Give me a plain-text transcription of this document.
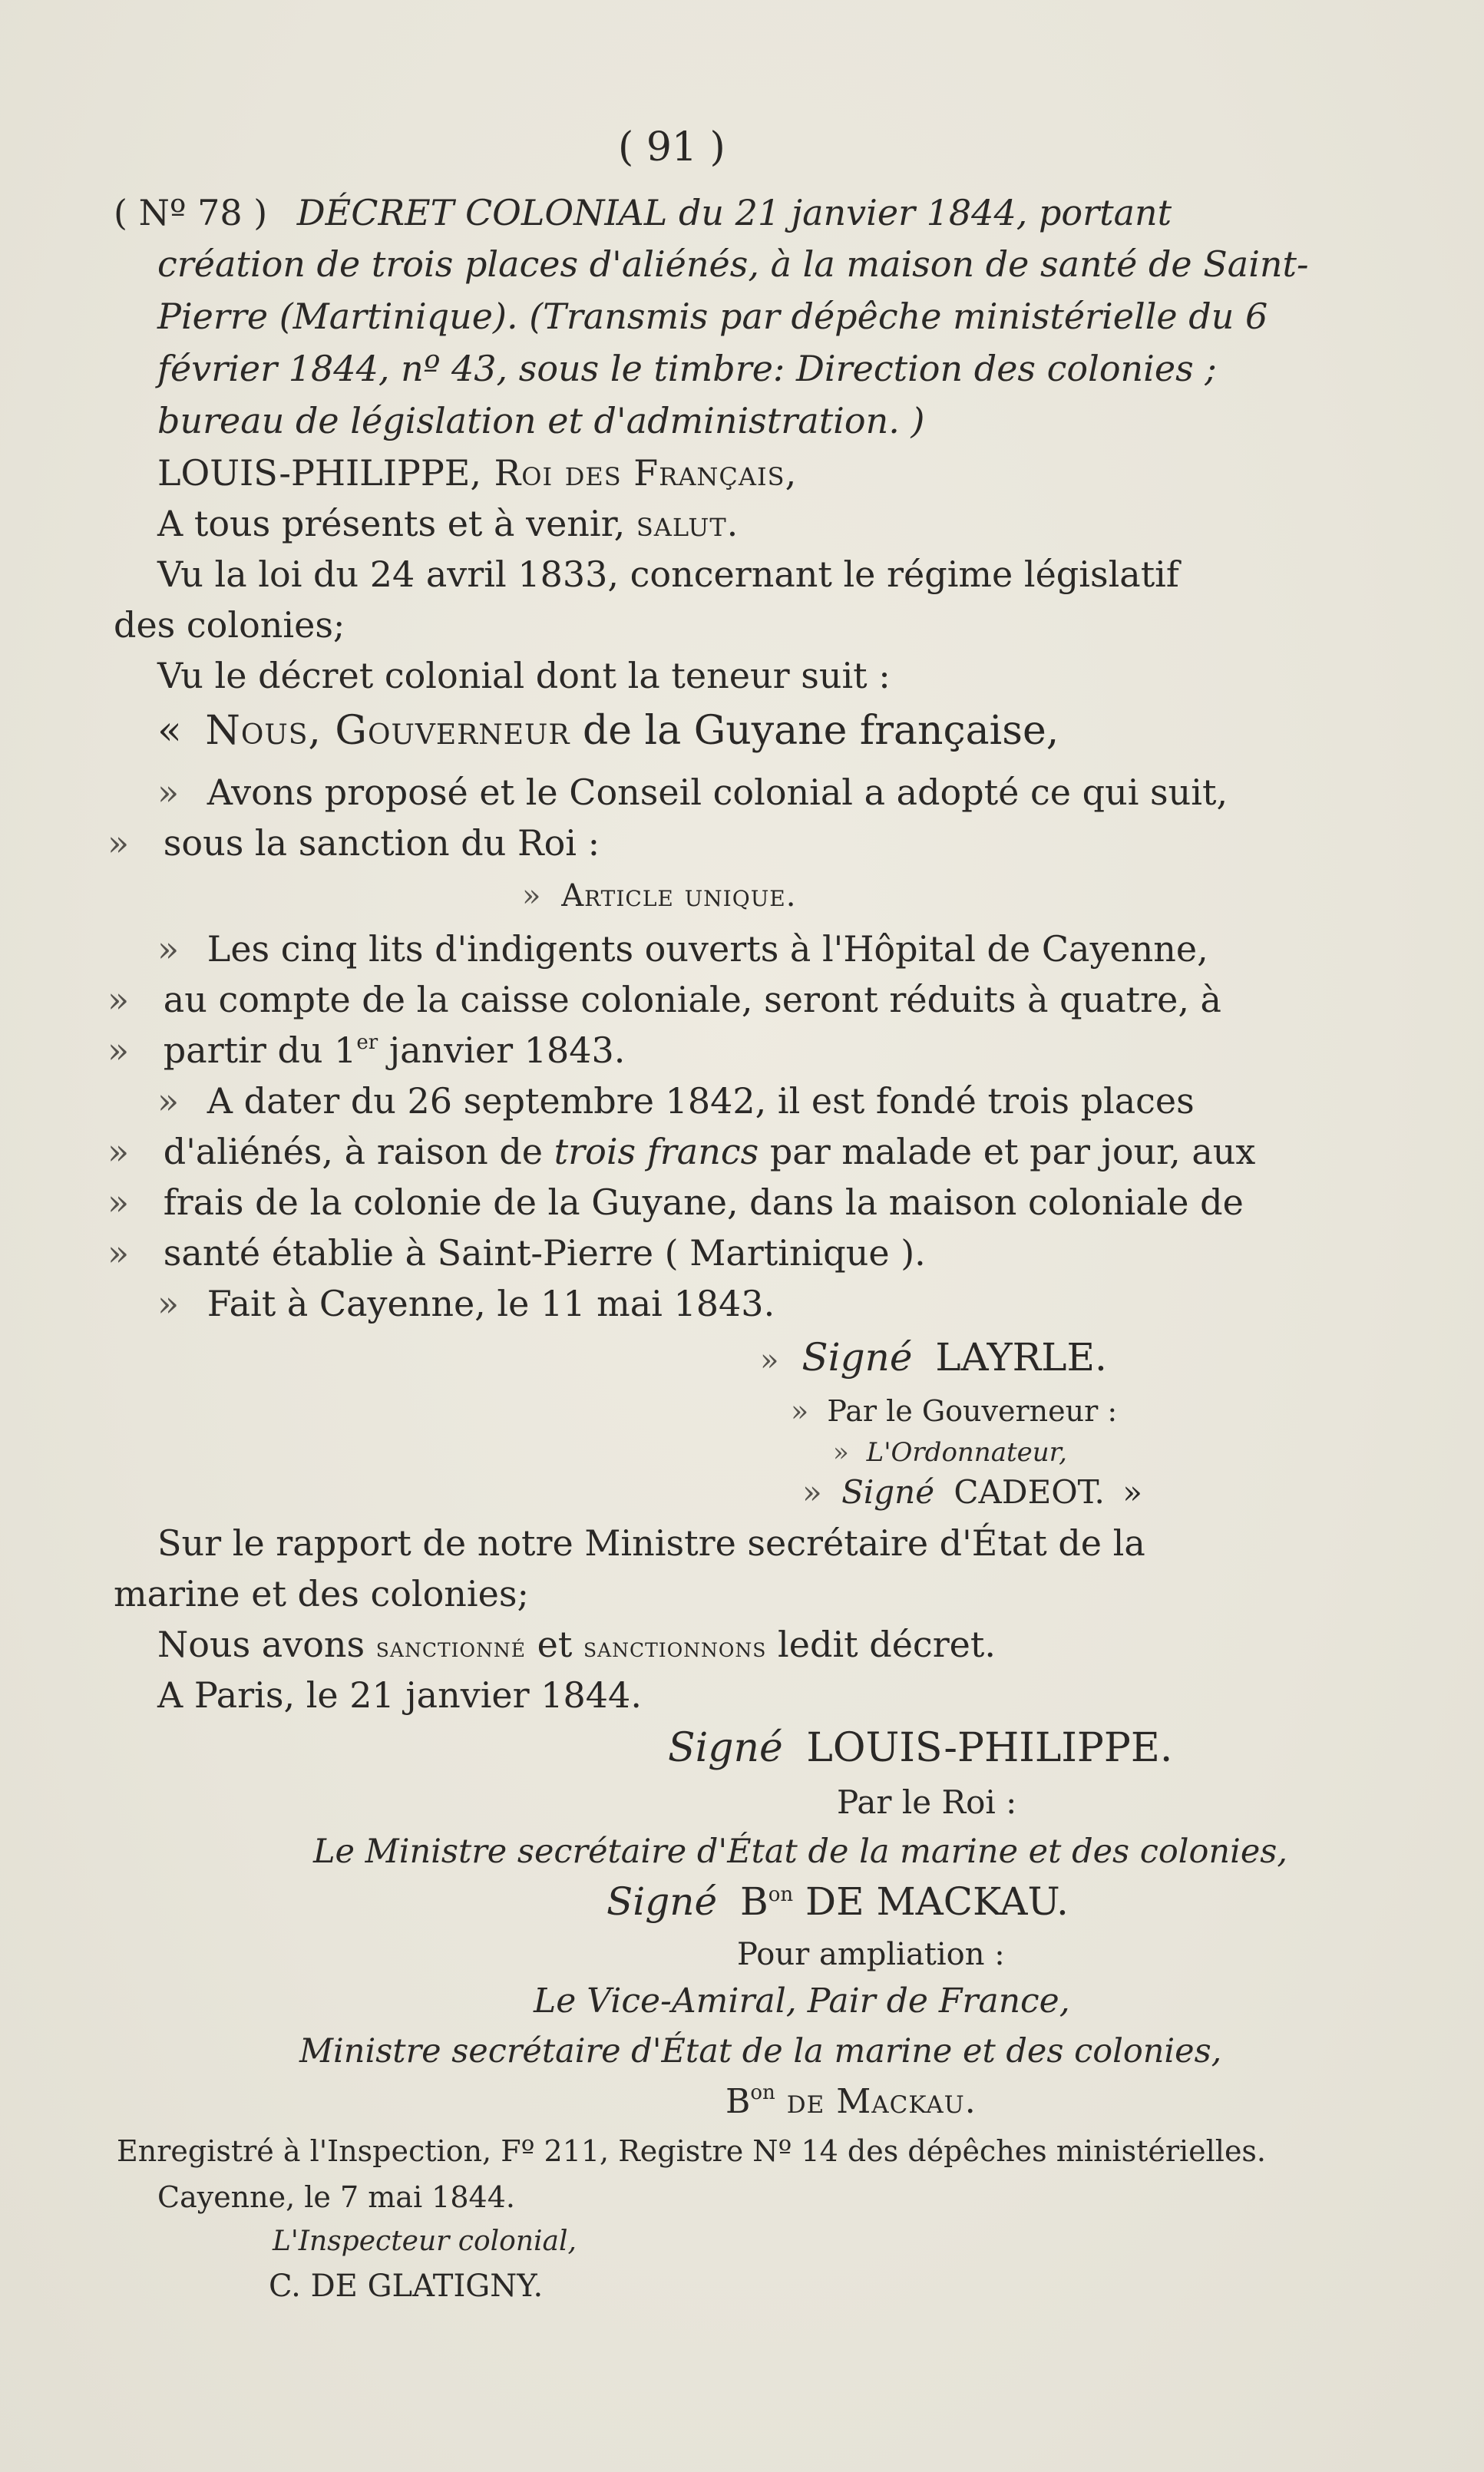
( 91 )
( Nº 78 ) DÉCRET COLONIAL du 21 janvier 1844, portant
création de trois places d'aliénés, à la maison de santé de Saint-
Pierre (Martinique). (Transmis par dépêche ministérielle du 6
février 1844, nº 43, sous le timbre: Direction des colonies ;
bureau de législation et d'administration. )
LOUIS-PHILIPPE, Roi des Français,
A tous présents et à venir, salut.
Vu la loi du 24 avril 1833, concernant le régime législatif
des colonies;
Vu le décret colonial dont la teneur suit :
« Nous, Gouverneur de la Guyane française,
» Avons proposé et le Conseil colonial a adopté ce qui suit,
» sous la sanction du Roi :
» Article unique.
» Les cinq lits d'indigents ouverts à l'Hôpital de Cayenne,
» au compte de la caisse coloniale, seront réduits à quatre, à
» partir du 1er janvier 1843.
» A dater du 26 septembre 1842, il est fondé trois places
» d'aliénés, à raison de trois francs par malade et par jour, aux
» frais de la colonie de la Guyane, dans la maison coloniale de
» santé établie à Saint-Pierre ( Martinique ).
» Fait à Cayenne, le 11 mai 1843.
» Signé LAYRLE.
» Par le Gouverneur :
» L'Ordonnateur,
» Signé CADEOT. »
Sur le rapport de notre Ministre secrétaire d'État de la
marine et des colonies;
Nous avons sanctionné et sanctionnons ledit décret.
A Paris, le 21 janvier 1844.
Signé LOUIS-PHILIPPE.
Par le Roi :
Le Ministre secrétaire d'État de la marine et des colonies,
Signé $B^{on}$ DE MACKAU.
Pour ampliation :
Le Vice-Amiral, Pair de France,
Ministre secrétaire d'État de la marine et des colonies,
$B^{on}$ de Mackau.
Enregistré à l'Inspection, Fº 211, Registre Nº 14 des dépêches ministérielles.
Cayenne, le 7 mai 1844.
L'Inspecteur colonial,
C. DE GLATIGNY.
